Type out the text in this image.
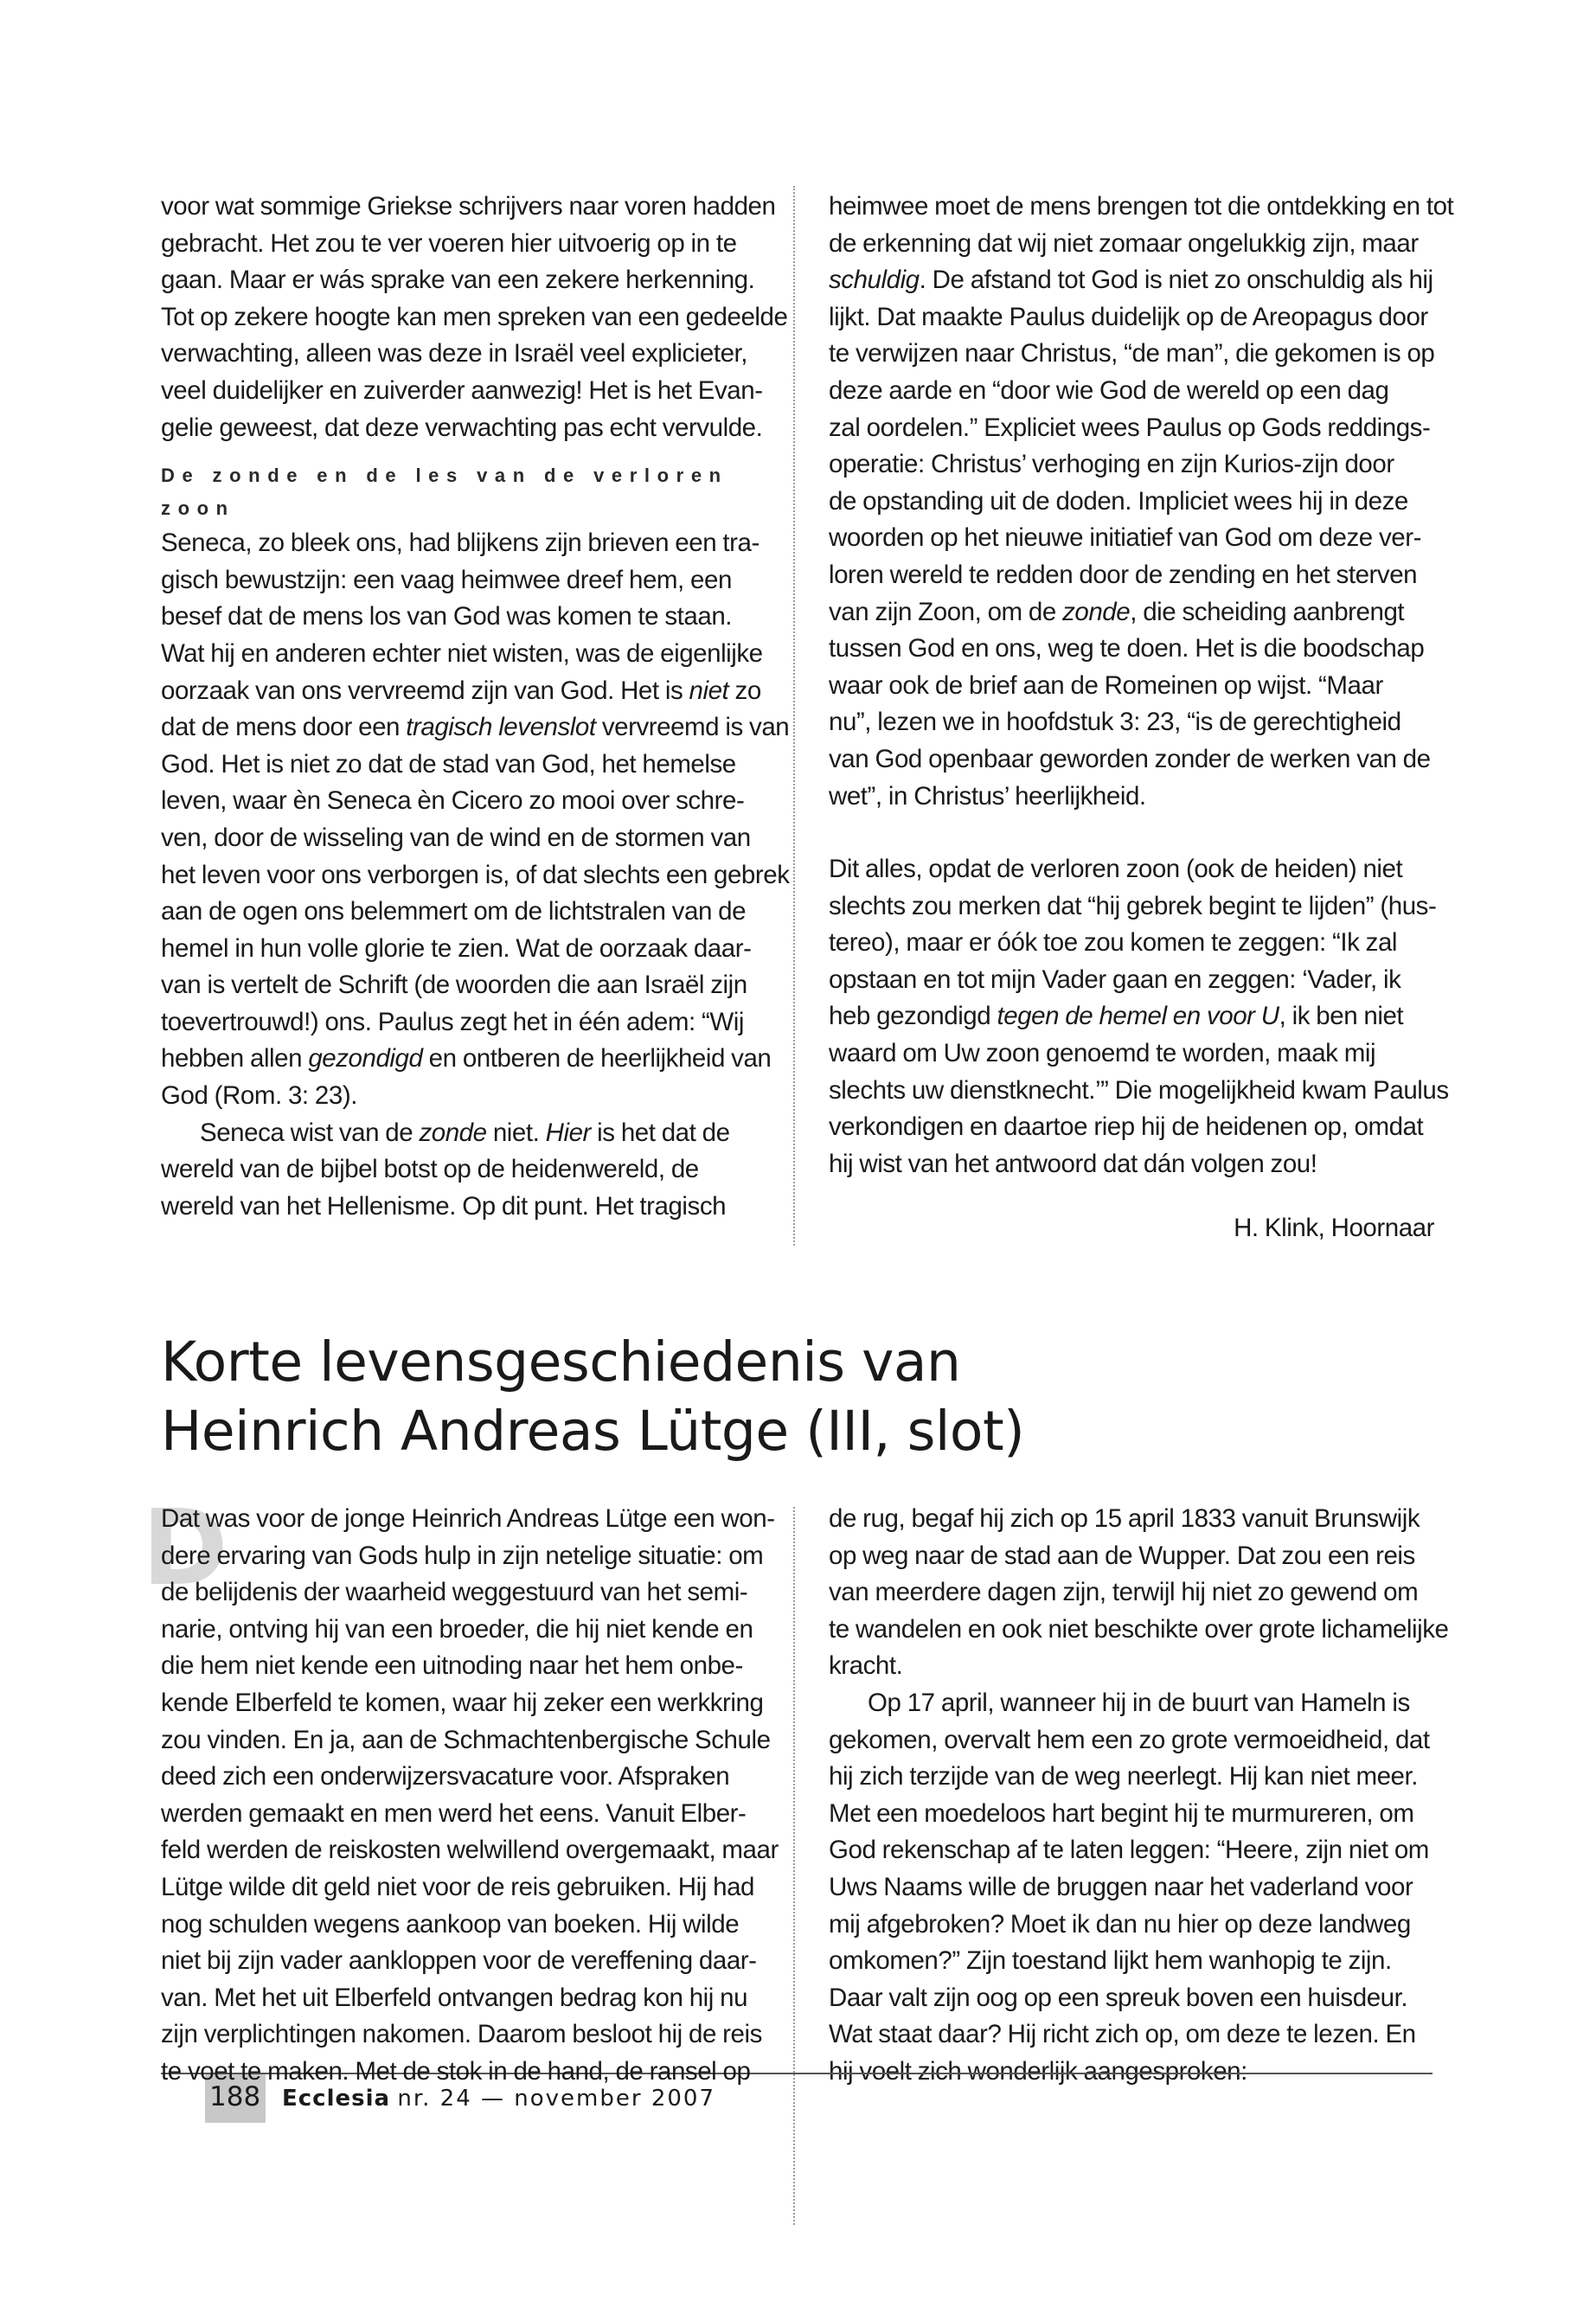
voor wat sommige Griekse schrijvers naar voren hadden
gebracht. Het zou te ver voeren hier uitvoerig op in te
gaan. Maar er wás sprake van een zekere herkenning.
Tot op zekere hoogte kan men spreken van een gedeelde
verwachting, alleen was deze in Israël veel explicieter,
veel duidelijker en zuiverder aanwezig! Het is het Evan-
gelie geweest, dat deze verwachting pas echt vervulde.

De zonde en de les van de verloren
zoon

Seneca, zo bleek ons, had blijkens zijn brieven een tra-
gisch bewustzijn: een vaag heimwee dreef hem, een
besef dat de mens los van God was komen te staan.
Wat hij en anderen echter niet wisten, was de eigenlijke
oorzaak van ons vervreemd zijn van God. Het is niet zo
dat de mens door een tragisch levenslot vervreemd is van
God. Het is niet zo dat de stad van God, het hemelse
leven, waar èn Seneca èn Cicero zo mooi over schre-
ven, door de wisseling van de wind en de stormen van
het leven voor ons verborgen is, of dat slechts een gebrek
aan de ogen ons belemmert om de lichtstralen van de
hemel in hun volle glorie te zien. Wat de oorzaak daar-
van is vertelt de Schrift (de woorden die aan Israël zijn
toevertrouwd!) ons. Paulus zegt het in één adem: “Wij
hebben allen gezondigd en ontberen de heerlijkheid van
God (Rom. 3: 23).

Seneca wist van de zonde niet. Hier is het dat de
wereld van de bijbel botst op de heidenwereld, de
wereld van het Hellenisme. Op dit punt. Het tragisch

heimwee moet de mens brengen tot die ontdekking en tot
de erkenning dat wij niet zomaar ongelukkig zijn, maar
schuldig. De afstand tot God is niet zo onschuldig als hij
lijkt. Dat maakte Paulus duidelijk op de Areopagus door
te verwijzen naar Christus, “de man”, die gekomen is op
deze aarde en “door wie God de wereld op een dag
zal oordelen.” Expliciet wees Paulus op Gods reddings-
operatie: Christus’ verhoging en zijn Kurios-zijn door
de opstanding uit de doden. Impliciet wees hij in deze
woorden op het nieuwe initiatief van God om deze ver-
loren wereld te redden door de zending en het sterven
van zijn Zoon, om de zonde, die scheiding aanbrengt
tussen God en ons, weg te doen. Het is die boodschap
waar ook de brief aan de Romeinen op wijst. “Maar
nu”, lezen we in hoofdstuk 3: 23, “is de gerechtigheid
van God openbaar geworden zonder de werken van de
wet”, in Christus’ heerlijkheid.

Dit alles, opdat de verloren zoon (ook de heiden) niet
slechts zou merken dat “hij gebrek begint te lijden” (hus-
tereo), maar er óók toe zou komen te zeggen: “Ik zal
opstaan en tot mijn Vader gaan en zeggen: ‘Vader, ik
heb gezondigd tegen de hemel en voor U, ik ben niet
waard om Uw zoon genoemd te worden, maak mij
slechts uw dienstknecht.’” Die mogelijkheid kwam Paulus
verkondigen en daartoe riep hij de heidenen op, omdat
hij wist van het antwoord dat dán volgen zou!

H. Klink, Hoornaar
Korte levensgeschiedenis van
Heinrich Andreas Lütge (III, slot)
D

Dat was voor de jonge Heinrich Andreas Lütge een won-
dere ervaring van Gods hulp in zijn netelige situatie: om
de belijdenis der waarheid weggestuurd van het semi-
narie, ontving hij van een broeder, die hij niet kende en
die hem niet kende een uitnoding naar het hem onbe-
kende Elberfeld te komen, waar hij zeker een werkkring
zou vinden. En ja, aan de Schmachtenbergische Schule
deed zich een onderwijzersvacature voor. Afspraken
werden gemaakt en men werd het eens. Vanuit Elber-
feld werden de reiskosten welwillend overgemaakt, maar
Lütge wilde dit geld niet voor de reis gebruiken. Hij had
nog schulden wegens aankoop van boeken. Hij wilde
niet bij zijn vader aankloppen voor de vereffening daar-
van. Met het uit Elberfeld ontvangen bedrag kon hij nu
zijn verplichtingen nakomen. Daarom besloot hij de reis
te voet te maken. Met de stok in de hand, de ransel op

de rug, begaf hij zich op 15 april 1833 vanuit Brunswijk
op weg naar de stad aan de Wupper. Dat zou een reis
van meerdere dagen zijn, terwijl hij niet zo gewend om
te wandelen en ook niet beschikte over grote lichamelijke
kracht.

Op 17 april, wanneer hij in de buurt van Hameln is
gekomen, overvalt hem een zo grote vermoeidheid, dat
hij zich terzijde van de weg neerlegt. Hij kan niet meer.
Met een moedeloos hart begint hij te murmureren, om
God rekenschap af te laten leggen: “Heere, zijn niet om
Uws Naams wille de bruggen naar het vaderland voor
mij afgebroken? Moet ik dan nu hier op deze landweg
omkomen?” Zijn toestand lijkt hem wanhopig te zijn.
Daar valt zijn oog op een spreuk boven een huisdeur.
Wat staat daar? Hij richt zich op, om deze te lezen. En
hij voelt zich wonderlijk aangesproken:

188 Ecclesia nr. 24 — november 2007
